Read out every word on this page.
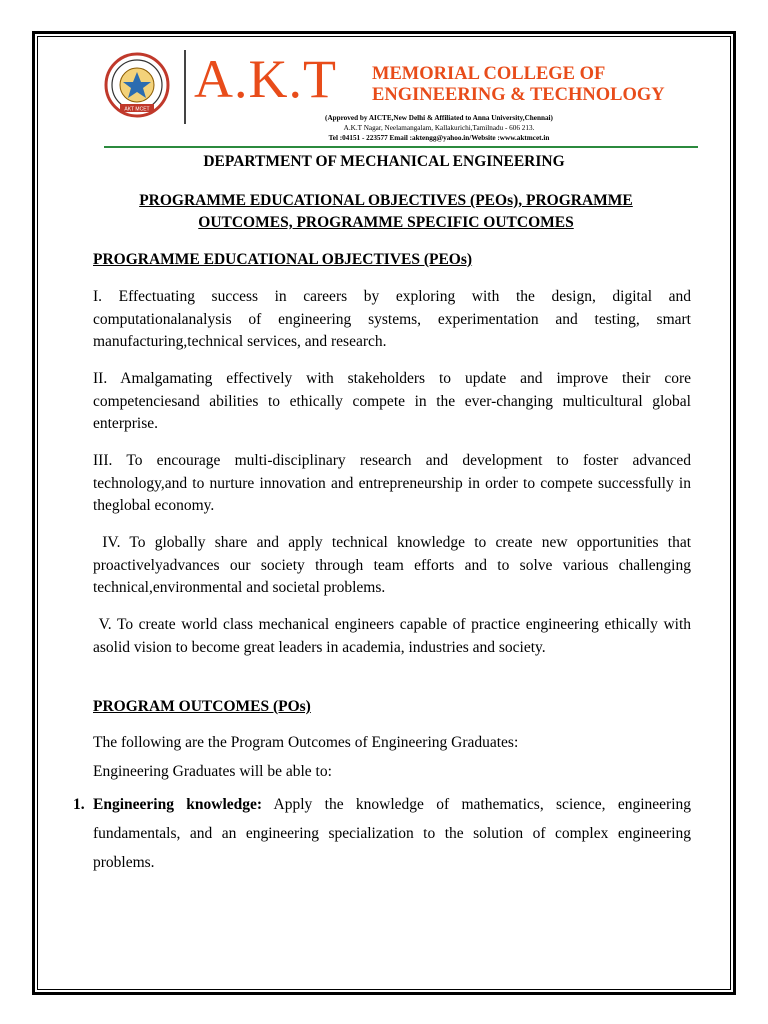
AKT MCET
A.K.T MEMORIAL COLLEGE OF
ENGINEERING & TECHNOLOGY
(Approved by AICTE,New Delhi & Affiliated to Anna University,Chennai)
A.K.T Nagar, Neelamangalam, Kallakurichi,Tamilnadu - 606 213.
Tel :04151 - 223577 Email :aktengg@yahoo.in/Website :www.aktmcet.in
DEPARTMENT OF MECHANICAL ENGINEERING
PROGRAMME EDUCATIONAL OBJECTIVES (PEOs), PROGRAMME
OUTCOMES, PROGRAMME SPECIFIC OUTCOMES
PROGRAMME EDUCATIONAL OBJECTIVES (PEOs)
I. Effectuating success in careers by exploring with the design, digital and computationalanalysis of engineering systems, experimentation and testing, smart manufacturing,technical services, and research.
II. Amalgamating effectively with stakeholders to update and improve their core competenciesand abilities to ethically compete in the ever-changing multicultural global enterprise.
III. To encourage multi-disciplinary research and development to foster advanced technology,and to nurture innovation and entrepreneurship in order to compete successfully in theglobal economy.
IV. To globally share and apply technical knowledge to create new opportunities that proactivelyadvances our society through team efforts and to solve various challenging technical,environmental and societal problems.
V. To create world class mechanical engineers capable of practice engineering ethically with asolid vision to become great leaders in academia, industries and society.
PROGRAM OUTCOMES (POs)
The following are the Program Outcomes of Engineering Graduates:
Engineering Graduates will be able to:
1. Engineering knowledge: Apply the knowledge of mathematics, science, engineering fundamentals, and an engineering specialization to the solution of complex engineering problems.
